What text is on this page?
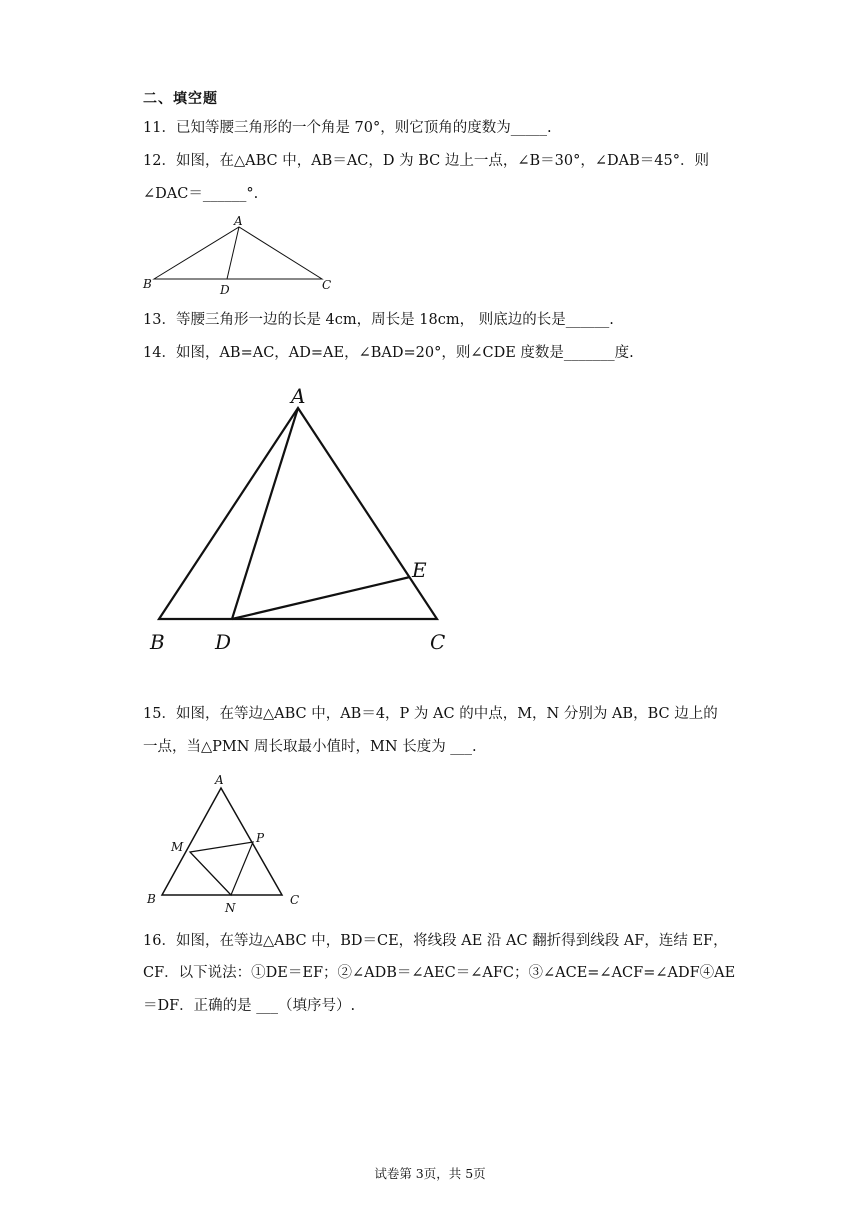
二、填空题
11．已知等腰三角形的一个角是 70°，则它顶角的度数为_____.
12．如图，在△ABC 中，AB＝AC，D 为 BC 边上一点，∠B＝30°，∠DAB＝45°．则
∠DAC＝______°.
A
B	D	C
13．等腰三角形一边的长是 4cm，周长是 18cm， 则底边的长是______.
14．如图，AB=AC，AD=AE，∠BAD=20°，则∠CDE 度数是_______度.
A
B	D	C
E
15．如图，在等边△ABC 中，AB＝4，P 为 AC 的中点，M，N 分别为 AB，BC 边上的
一点，当△PMN 周长取最小值时，MN 长度为 ___.
A
M
P
B
N
C
16．如图，在等边△ABC 中，BD＝CE，将线段 AE 沿 AC 翻折得到线段 AF，连结 EF，
CF．以下说法：①DE＝EF；②∠ADB＝∠AEC＝∠AFC；③∠ACE=∠ACF=∠ADF④AE
＝DF．正确的是 ___（填序号）.
试卷第 3页，共 5页
